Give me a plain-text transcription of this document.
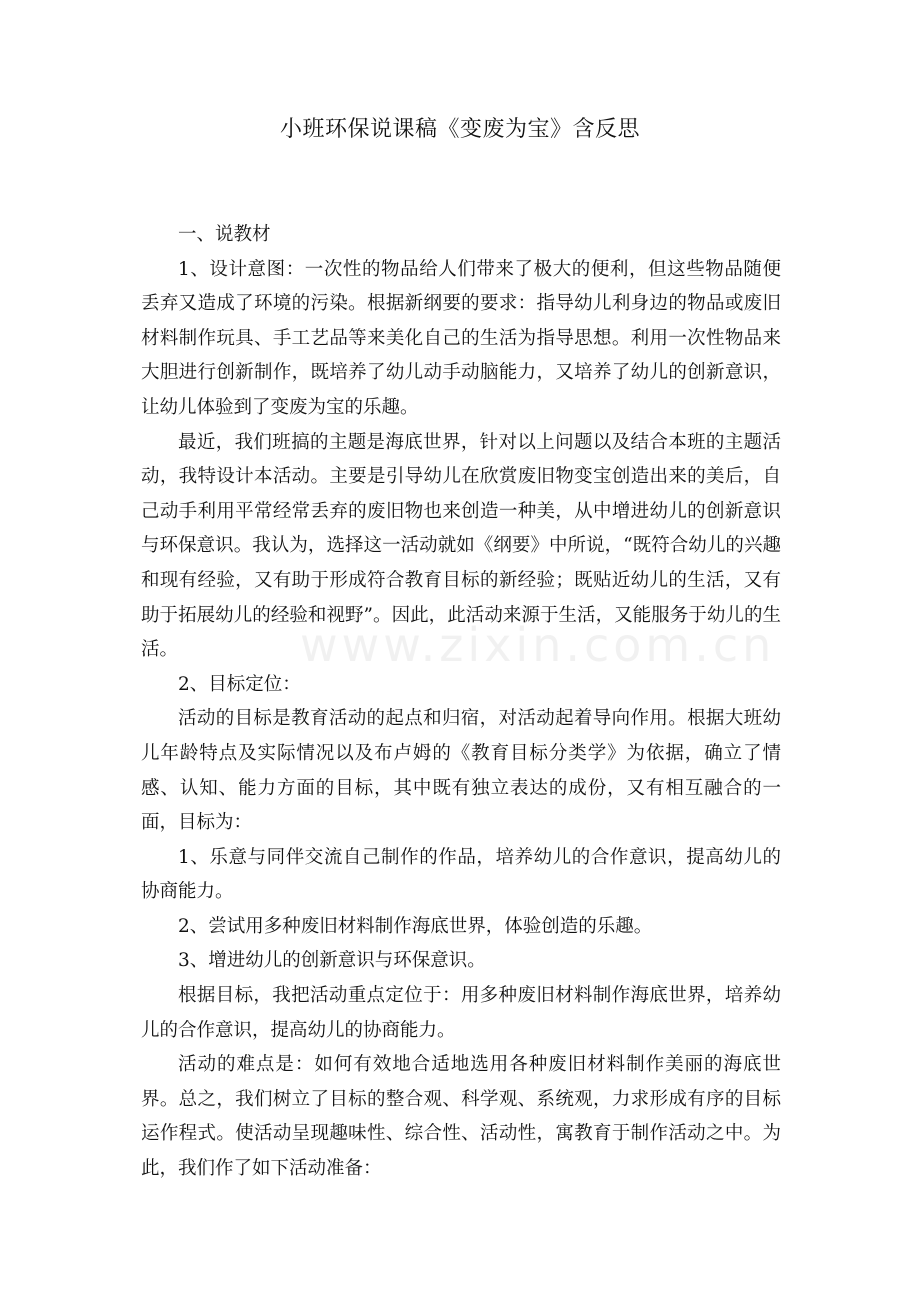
小班环保说课稿《变废为宝》含反思
www.zixin.com.cn

一、说教材

1、设计意图：一次性的物品给人们带来了极大的便利，但这些物品随便丢弃又造成了环境的污染。根据新纲要的要求：指导幼儿利身边的物品或废旧材料制作玩具、手工艺品等来美化自己的生活为指导思想。利用一次性物品来大胆进行创新制作，既培养了幼儿动手动脑能力，又培养了幼儿的创新意识，让幼儿体验到了变废为宝的乐趣。

最近，我们班搞的主题是海底世界，针对以上问题以及结合本班的主题活动，我特设计本活动。主要是引导幼儿在欣赏废旧物变宝创造出来的美后，自己动手利用平常经常丢弃的废旧物也来创造一种美，从中增进幼儿的创新意识与环保意识。我认为，选择这一活动就如《纲要》中所说，“既符合幼儿的兴趣和现有经验，又有助于形成符合教育目标的新经验；既贴近幼儿的生活，又有助于拓展幼儿的经验和视野”。因此，此活动来源于生活，又能服务于幼儿的生活。

2、目标定位：

活动的目标是教育活动的起点和归宿，对活动起着导向作用。根据大班幼儿年龄特点及实际情况以及布卢姆的《教育目标分类学》为依据，确立了情感、认知、能力方面的目标，其中既有独立表达的成份，又有相互融合的一面，目标为：

1、乐意与同伴交流自己制作的作品，培养幼儿的合作意识，提高幼儿的协商能力。

2、尝试用多种废旧材料制作海底世界，体验创造的乐趣。

3、增进幼儿的创新意识与环保意识。

根据目标，我把活动重点定位于：用多种废旧材料制作海底世界，培养幼儿的合作意识，提高幼儿的协商能力。

活动的难点是：如何有效地合适地选用各种废旧材料制作美丽的海底世界。总之，我们树立了目标的整合观、科学观、系统观，力求形成有序的目标运作程式。使活动呈现趣味性、综合性、活动性，寓教育于制作活动之中。为此，我们作了如下活动准备：
